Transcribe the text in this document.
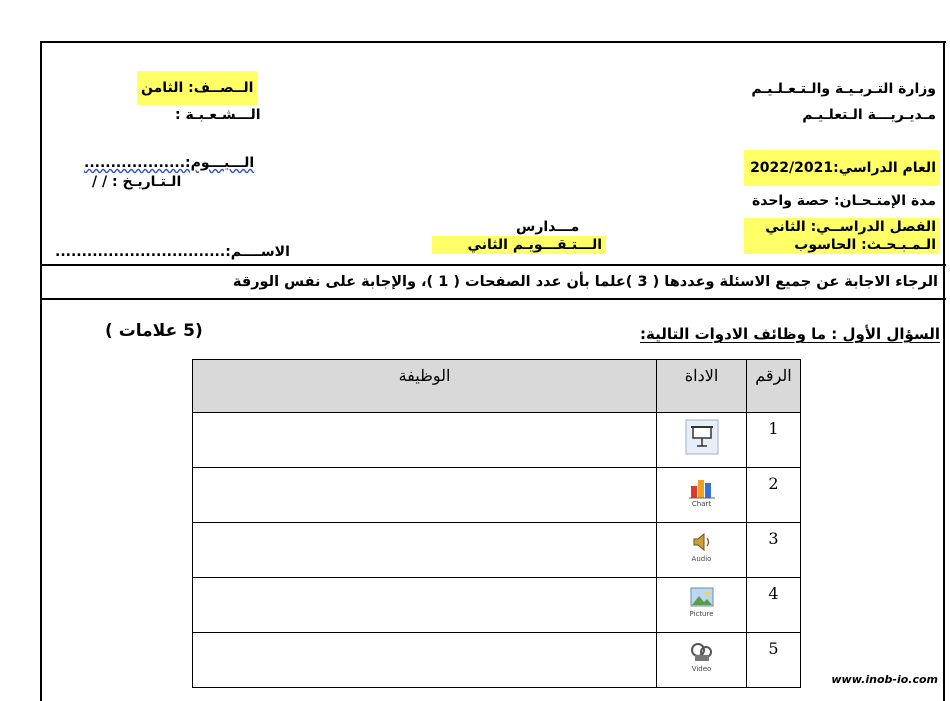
وزارة التـربـيـة والـتـعـلـيـم
مـديـريـــة الـتعلـيـم
العام الدراسي:2022/2021
مدة الإمتـحـان: حصة واحدة
الفصل الدراســي: الثاني
الـمـبـحـث: الحاسوب
الــصــف: الثامن
الـــشـعـبـة :
الـــيـــوم:...................
الـتـاريـخ : / /
الاســــم:................................
مـــدارس
الـــتـقـــويـم الثاني
الرجاء الاجابة عن جميع الاسئلة وعددها ( 3 )علما بأن عدد الصفحات ( 1 )، والإجابة على نفس الورقة
السؤال الأول : ما وظائف الادوات التالية:
(5 علامات )
الرقم	الاداة	الوظيفة
1		
2	Chart	

3	Audio	

4	Picture	

5	Video	

www.inob-io.com
